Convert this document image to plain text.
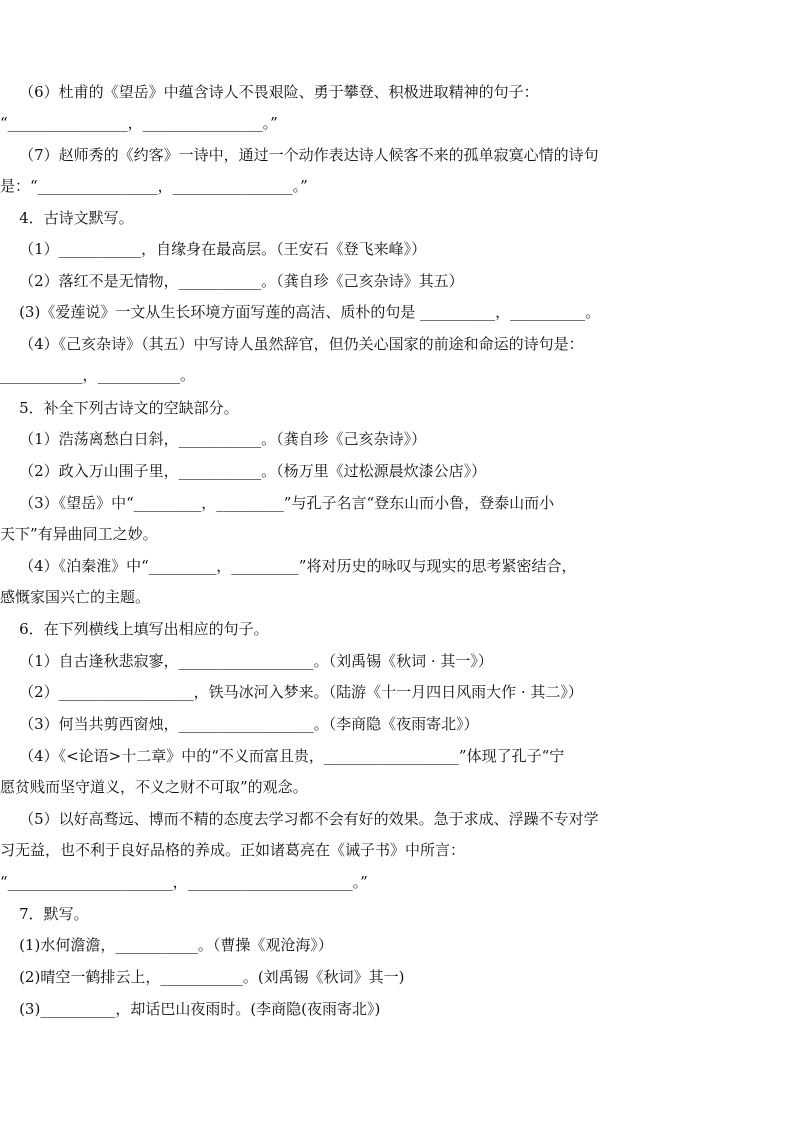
（6）杜甫的《望岳》中蕴含诗人不畏艰险、勇于攀登、积极进取精神的句子：
“________________，________________。”
（7）赵师秀的《约客》一诗中，通过一个动作表达诗人候客不来的孤单寂寞心情的诗句
是：“________________，________________。”
4．古诗文默写。
（1）___________，自缘身在最高层。（王安石《登飞来峰》）
（2）落红不是无情物，___________。（龚自珍《己亥杂诗》其五）
(3)《爱莲说》一文从生长环境方面写莲的高洁、质朴的句是 __________，__________。
（4）《己亥杂诗》（其五）中写诗人虽然辞官，但仍关心国家的前途和命运的诗句是：
___________，___________。
5．补全下列古诗文的空缺部分。
（1）浩荡离愁白日斜，___________。（龚自珍《己亥杂诗》）
（2）政入万山围子里，___________。（杨万里《过松源晨炊漆公店》）
（3）《望岳》中“_________，_________”与孔子名言“登东山而小鲁，登泰山而小
天下”有异曲同工之妙。
（4）《泊秦淮》中“_________，_________”将对历史的咏叹与现实的思考紧密结合，
感慨家国兴亡的主题。
6．在下列横线上填写出相应的句子。
（1）自古逢秋悲寂寥，__________________。（刘禹锡《秋词 · 其一》）
（2）__________________，铁马冰河入梦来。（陆游《十一月四日风雨大作 · 其二》）
（3）何当共剪西窗烛，__________________。（李商隐《夜雨寄北》）
（4）《<论语>十二章》中的“不义而富且贵，__________________”体现了孔子“宁
愿贫贱而坚守道义，不义之财不可取”的观念。
（5）以好高骛远、博而不精的态度去学习都不会有好的效果。急于求成、浮躁不专对学
习无益，也不利于良好品格的养成。正如诸葛亮在《诫子书》中所言：
“______________________，______________________。”
7．默写。
(1)水何澹澹，___________。（曹操《观沧海》）
(2)晴空一鹤排云上，___________。(刘禹锡《秋词》其一)
(3)__________，却话巴山夜雨时。(李商隐(夜雨寄北》)
